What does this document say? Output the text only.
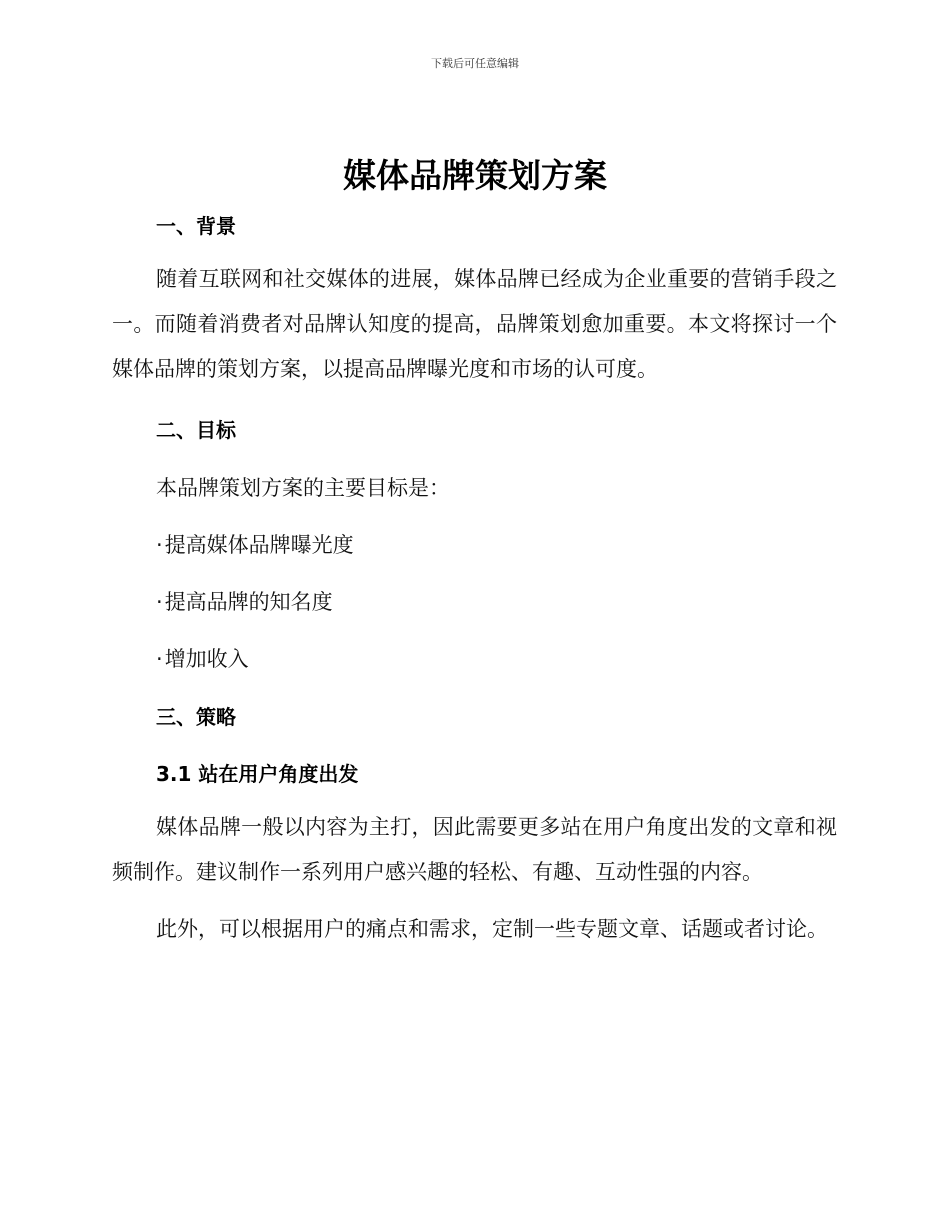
下载后可任意编辑
媒体品牌策划方案
一、背景
随着互联网和社交媒体的进展，媒体品牌已经成为企业重要的营销手段之一。而随着消费者对品牌认知度的提高，品牌策划愈加重要。本文将探讨一个媒体品牌的策划方案，以提高品牌曝光度和市场的认可度。
二、目标
本品牌策划方案的主要目标是：
·提高媒体品牌曝光度
·提高品牌的知名度
·增加收入
三、策略
3.1 站在用户角度出发
媒体品牌一般以内容为主打，因此需要更多站在用户角度出发的文章和视频制作。建议制作一系列用户感兴趣的轻松、有趣、互动性强的内容。
此外，可以根据用户的痛点和需求，定制一些专题文章、话题或者讨论。
